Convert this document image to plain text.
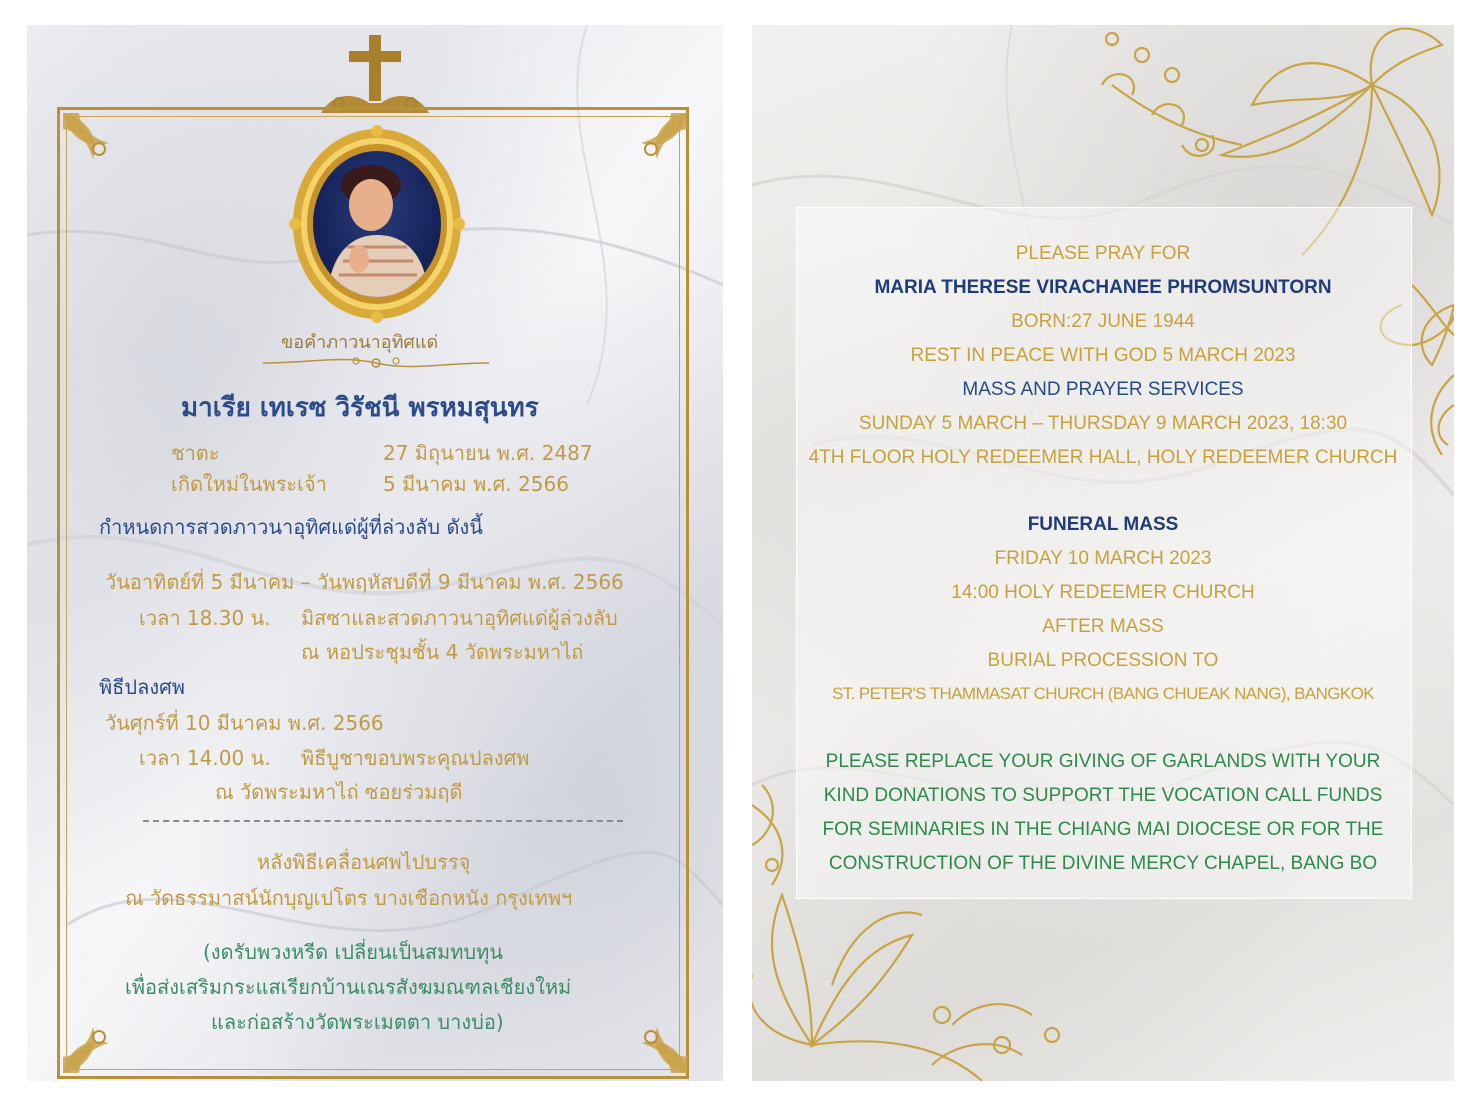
ขอคำภาวนาอุทิศแด่
มาเรีย เทเรซ วิรัชนี พรหมสุนทร
ชาตะ	27 มิถุนายน พ.ศ. 2487
เกิดใหม่ในพระเจ้า	5 มีนาคม พ.ศ. 2566
กำหนดการสวดภาวนาอุทิศแด่ผู้ที่ล่วงลับ ดังนี้
วันอาทิตย์ที่ 5 มีนาคม – วันพฤหัสบดีที่ 9 มีนาคม พ.ศ. 2566
เวลา 18.30 น. มิสซาและสวดภาวนาอุทิศแด่ผู้ล่วงลับ
ณ หอประชุมชั้น 4 วัดพระมหาไถ่
พิธีปลงศพ
วันศุกร์ที่ 10 มีนาคม พ.ศ. 2566
เวลา 14.00 น. พิธีบูชาขอบพระคุณปลงศพ
ณ วัดพระมหาไถ่ ซอยร่วมฤดี
หลังพิธีเคลื่อนศพไปบรรจุ
ณ วัดธรรมาสน์นักบุญเปโตร บางเชือกหนัง กรุงเทพฯ
(งดรับพวงหรีด เปลี่ยนเป็นสมทบทุน
เพื่อส่งเสริมกระแสเรียกบ้านเณรสังฆมณฑลเชียงใหม่
และก่อสร้างวัดพระเมตตา บางบ่อ)
PLEASE PRAY FOR
MARIA THERESE VIRACHANEE PHROMSUNTORN
BORN:27 JUNE 1944
REST IN PEACE WITH GOD 5 MARCH 2023
MASS AND PRAYER SERVICES
SUNDAY 5 MARCH – THURSDAY 9 MARCH 2023, 18:30
4TH FLOOR HOLY REDEEMER HALL, HOLY REDEEMER CHURCH
FUNERAL MASS
FRIDAY 10 MARCH 2023
14:00 HOLY REDEEMER CHURCH
AFTER MASS
BURIAL PROCESSION TO
ST. PETER'S THAMMASAT CHURCH (BANG CHUEAK NANG), BANGKOK
PLEASE REPLACE YOUR GIVING OF GARLANDS WITH YOUR
KIND DONATIONS TO SUPPORT THE VOCATION CALL FUNDS
FOR SEMINARIES IN THE CHIANG MAI DIOCESE OR FOR THE
CONSTRUCTION OF THE DIVINE MERCY CHAPEL, BANG BO
